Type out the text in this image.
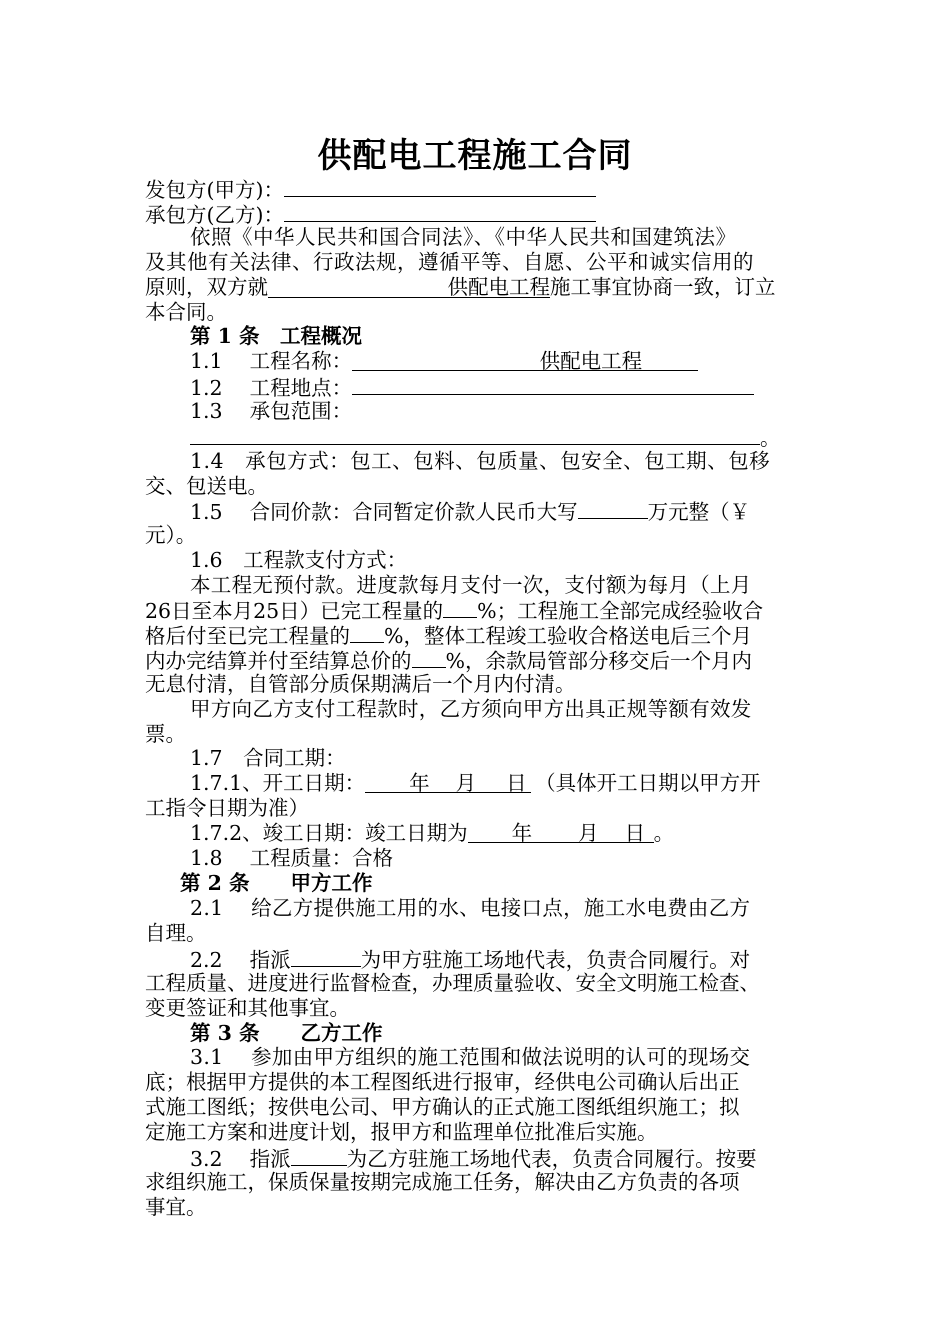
供配电工程施工合同
发包方(甲方)：
承包方(乙方)：
依照《中华人民共和国合同法》、《中华人民共和国建筑法》
及其他有关法律、行政法规，遵循平等、自愿、公平和诚实信用的
原则，双方就	供配电工程施工事宜协商一致，订立
本合同。
第 1 条　工程概况
1.1　 工程名称：	供配电工程
1.2　 工程地点：
1.3　 承包范围：
。
1.4　承包方式：包工、包料、包质量、包安全、包工期、包移
交、包送电。
1.5　 合同价款：合同暂定价款人民币大写	万元整（￥
元）。
1.6　工程款支付方式：
本工程无预付款。进度款每月支付一次，支付额为每月（上月
26日至本月25日）已完工程量的 %；工程施工全部完成经验收合
格后付至已完工程量的 %，整体工程竣工验收合格送电后三个月
内办完结算并付至结算总价的 %，余款局管部分移交后一个月内
无息付清，自管部分质保期满后一个月内付清。
甲方向乙方支付工程款时，乙方须向甲方出具正规等额有效发
票。
1.7　合同工期：
1.7.1、开工日期： 年 月 日 （具体开工日期以甲方开
工指令日期为准）
1.7.2、竣工日期：竣工日期为 年 月 日 。
1.8　 工程质量：合格
第 2 条　　甲方工作
2.1　 给乙方提供施工用的水、电接口点，施工水电费由乙方
自理。
2.2　 指派	为甲方驻施工场地代表，负责合同履行。对
工程质量、进度进行监督检查，办理质量验收、安全文明施工检查、
变更签证和其他事宜。
第 3 条　　乙方工作
3.1　 参加由甲方组织的施工范围和做法说明的认可的现场交
底；根据甲方提供的本工程图纸进行报审，经供电公司确认后出正
式施工图纸；按供电公司、甲方确认的正式施工图纸组织施工；拟
定施工方案和进度计划，报甲方和监理单位批准后实施。
3.2　 指派	为乙方驻施工场地代表，负责合同履行。按要
求组织施工，保质保量按期完成施工任务，解决由乙方负责的各项
事宜。
